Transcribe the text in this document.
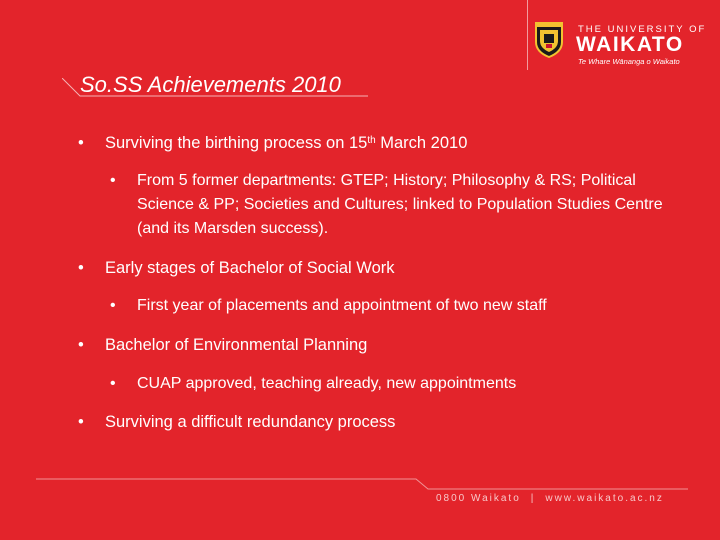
THE UNIVERSITY OF
WAIKATO
Te Whare Wānanga o Waikato
So.SS Achievements 2010
• Surviving the birthing process on 15th March 2010
• From 5 former departments: GTEP; History; Philosophy & RS; Political Science & PP; Societies and Cultures; linked to Population Studies Centre (and its Marsden success).
• Early stages of Bachelor of Social Work
• First year of placements and appointment of two new staff
• Bachelor of Environmental Planning
• CUAP approved, teaching already, new appointments
• Surviving a difficult redundancy process
0800 Waikato | www.waikato.ac.nz
